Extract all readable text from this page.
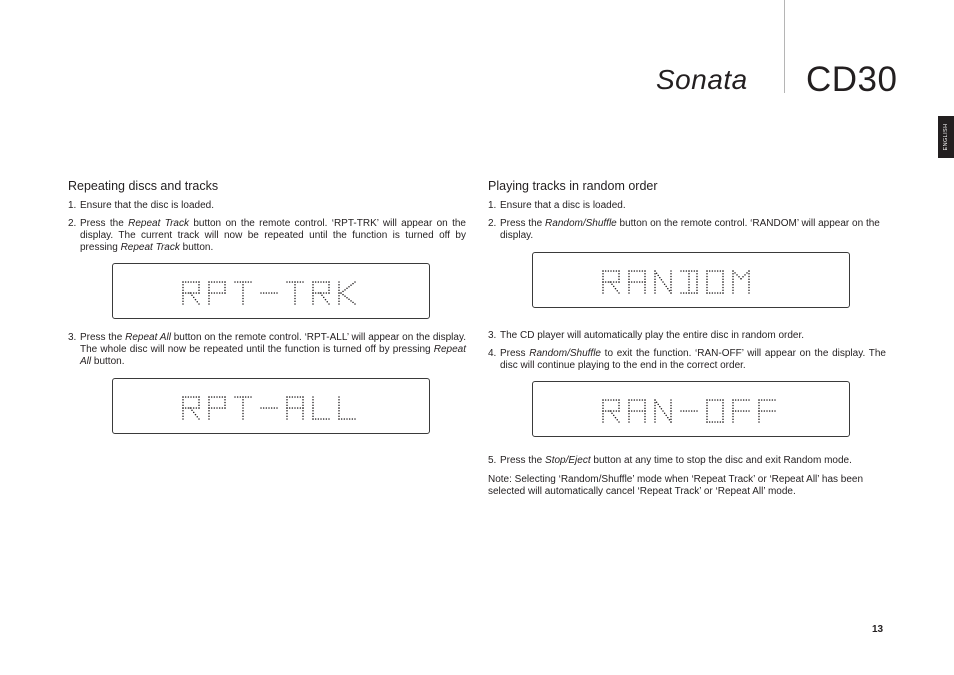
Sonata CD30
ENGLISH
Repeating discs and tracks

1. Ensure that the disc is loaded.

2. Press the Repeat Track button on the remote control. ‘RPT-TRK’ will appear on the display. The current track will now be repeated until the function is turned off by pressing Repeat Track button.

3. Press the Repeat All button on the remote control. ‘RPT-ALL’ will appear on the display. The whole disc will now be repeated until the function is turned off by pressing Repeat All button.

Playing tracks in random order

1. Ensure that a disc is loaded.

2. Press the Random/Shuffle button on the remote control. ‘RANDOM’ will appear on the display.

3. The CD player will automatically play the entire disc in random order.

4. Press Random/Shuffle to exit the function. ‘RAN-OFF’ will appear on the display. The disc will continue playing to the end in the correct order.

5. Press the Stop/Eject button at any time to stop the disc and exit Random mode.

Note: Selecting ‘Random/Shuffle’ mode when ‘Repeat Track’ or ‘Repeat All’ has been selected will automatically cancel ‘Repeat Track’ or ‘Repeat All’ mode.

13
